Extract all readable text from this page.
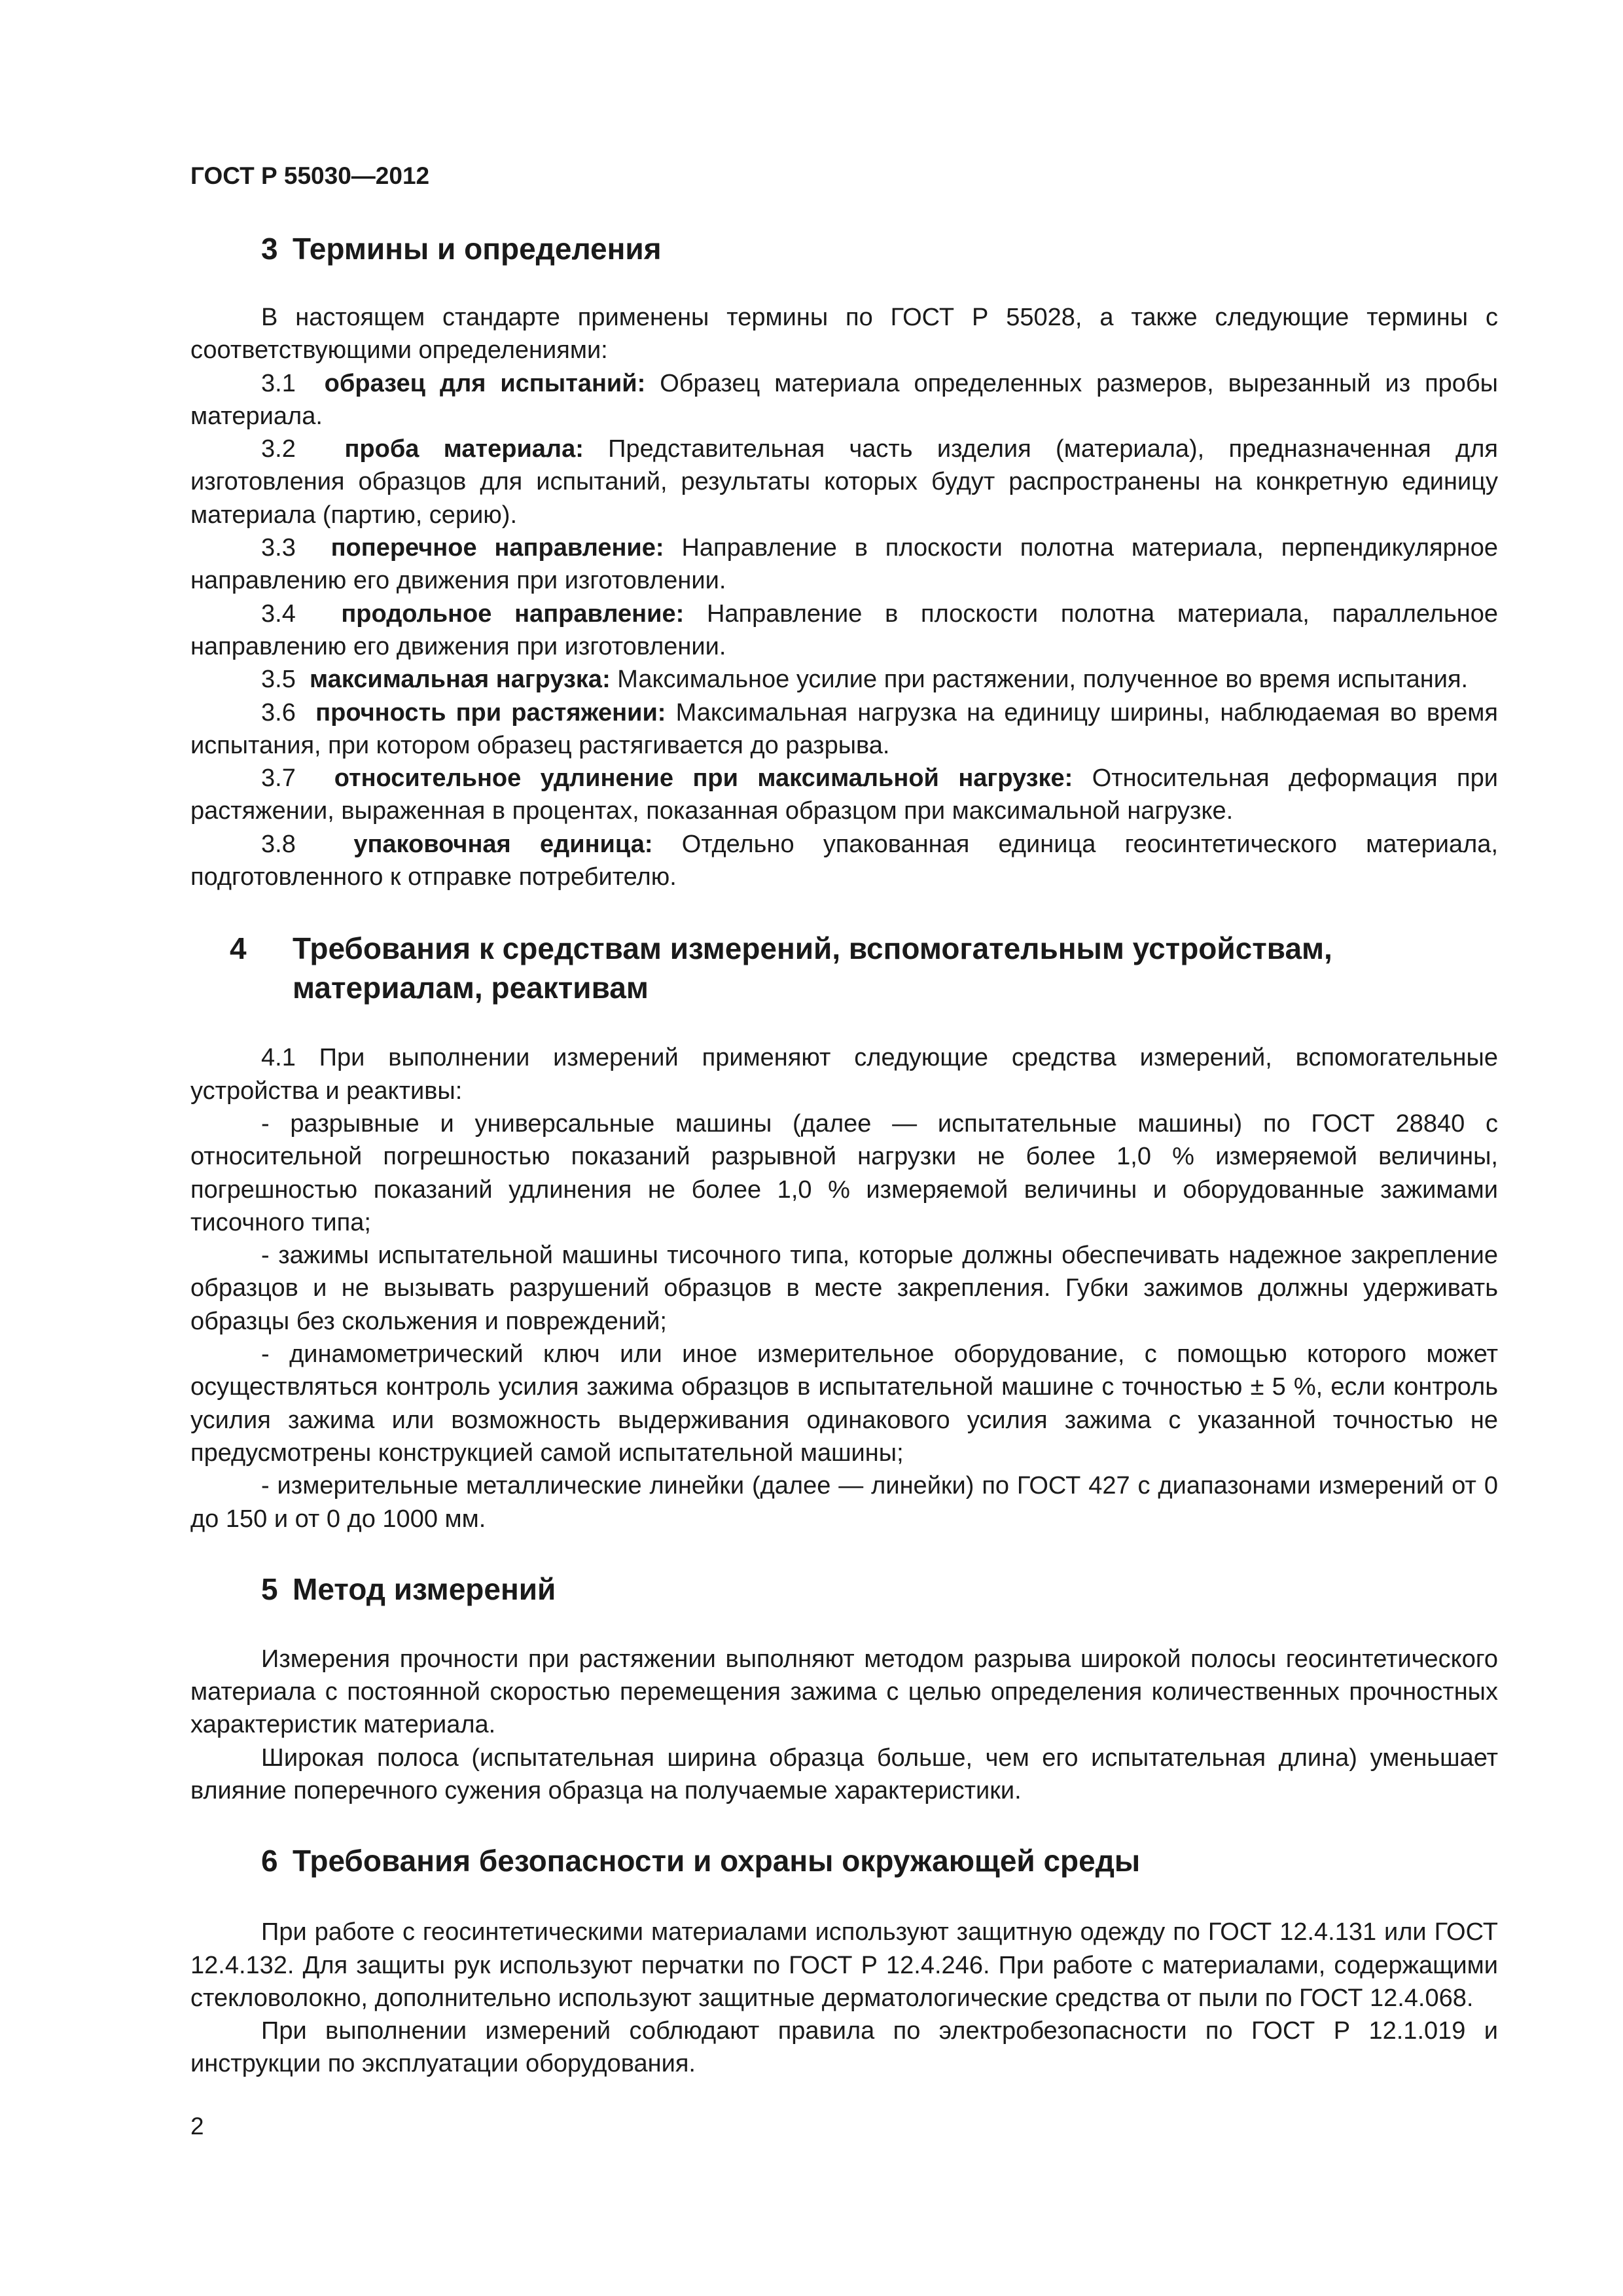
ГОСТ Р 55030—2012

3 Термины и определения

В настоящем стандарте применены термины по ГОСТ Р 55028, а также следующие термины с соответствующими определениями:

3.1 образец для испытаний: Образец материала определенных размеров, вырезанный из пробы материала.

3.2 проба материала: Представительная часть изделия (материала), предназначенная для изготовления образцов для испытаний, результаты которых будут распространены на конкретную единицу материала (партию, серию).

3.3 поперечное направление: Направление в плоскости полотна материала, перпендикулярное направлению его движения при изготовлении.

3.4 продольное направление: Направление в плоскости полотна материала, параллельное направлению его движения при изготовлении.

3.5 максимальная нагрузка: Максимальное усилие при растяжении, полученное во время испытания.

3.6 прочность при растяжении: Максимальная нагрузка на единицу ширины, наблюдаемая во время испытания, при котором образец растягивается до разрыва.

3.7 относительное удлинение при максимальной нагрузке: Относительная деформация при растяжении, выраженная в процентах, показанная образцом при максимальной нагрузке.

3.8 упаковочная единица: Отдельно упакованная единица геосинтетического материала, подготовленного к отправке потребителю.

4 Требования к средствам измерений, вспомогательным устройствам, материалам, реактивам

4.1 При выполнении измерений применяют следующие средства измерений, вспомогательные устройства и реактивы:

- разрывные и универсальные машины (далее — испытательные машины) по ГОСТ 28840 с относительной погрешностью показаний разрывной нагрузки не более 1,0 % измеряемой величины, погрешностью показаний удлинения не более 1,0 % измеряемой величины и оборудованные зажимами тисочного типа;

- зажимы испытательной машины тисочного типа, которые должны обеспечивать надежное закрепление образцов и не вызывать разрушений образцов в месте закрепления. Губки зажимов должны удерживать образцы без скольжения и повреждений;

- динамометрический ключ или иное измерительное оборудование, с помощью которого может осуществляться контроль усилия зажима образцов в испытательной машине с точностью ± 5 %, если контроль усилия зажима или возможность выдерживания одинакового усилия зажима с указанной точностью не предусмотрены конструкцией самой испытательной машины;

- измерительные металлические линейки (далее — линейки) по ГОСТ 427 с диапазонами измерений от 0 до 150 и от 0 до 1000 мм.

5 Метод измерений

Измерения прочности при растяжении выполняют методом разрыва широкой полосы геосинтетического материала с постоянной скоростью перемещения зажима с целью определения количественных прочностных характеристик материала.

Широкая полоса (испытательная ширина образца больше, чем его испытательная длина) уменьшает влияние поперечного сужения образца на получаемые характеристики.

6 Требования безопасности и охраны окружающей среды

При работе с геосинтетическими материалами используют защитную одежду по ГОСТ 12.4.131 или ГОСТ 12.4.132. Для защиты рук используют перчатки по ГОСТ Р 12.4.246. При работе с материалами, содержащими стекловолокно, дополнительно используют защитные дерматологические средства от пыли по ГОСТ 12.4.068.

При выполнении измерений соблюдают правила по электробезопасности по ГОСТ Р 12.1.019 и инструкции по эксплуатации оборудования.

2
